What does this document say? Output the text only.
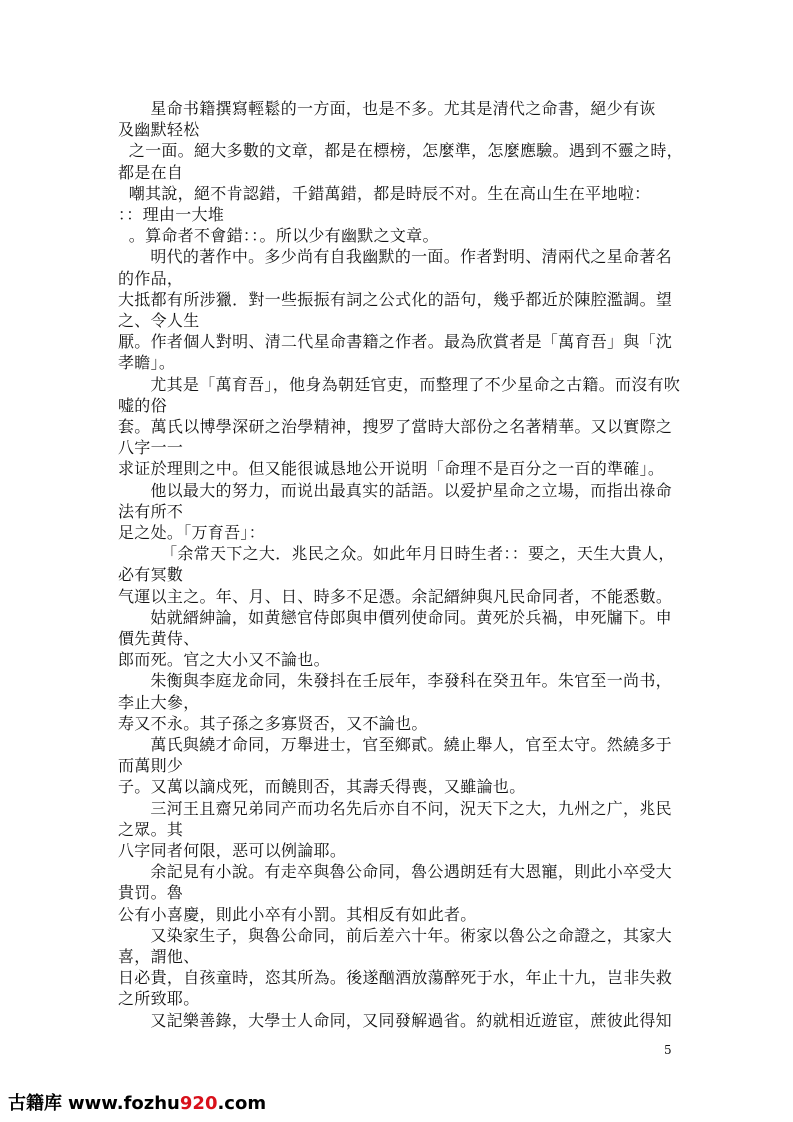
星命书籍撰寫輕鬆的一方面，也是不多。尤其是清代之命書，絕少有诙
及幽默轻松
之一面。絕大多數的文章，都是在標榜，怎麼準，怎麼應驗。遇到不靈之時，
都是在自
嘲其說，絕不肯認錯，千錯萬錯，都是時辰不对。生在高山生在平地啦：
：：理由一大堆
。算命者不會錯：：。所以少有幽默之文章。
明代的著作中。多少尚有自我幽默的一面。作者對明、清兩代之星命著名
的作品，
大抵都有所涉獵．對一些振振有詞之公式化的語句，幾乎都近於陳腔濫調。望
之、令人生
厭。作者個人對明、清二代星命書籍之作者。最為欣賞者是「萬育吾」與「沈
孝瞻」。
尤其是「萬育吾」，他身為朝廷官吏，而整理了不少星命之古籍。而沒有吹
嘘的俗
套。萬氏以博學深研之治學精神，搜罗了當時大部份之名著精華。又以實際之
八字一一
求证於理則之中。但又能很诚恳地公开说明「命理不是百分之一百的準確」。
他以最大的努力，而说出最真实的話語。以爱护星命之立場，而指出祿命
法有所不
足之处。「万育吾」：
「余常天下之大．兆民之众。如此年月日時生者：：要之，天生大貴人，
必有冥數
气運以主之。年、月、日、時多不足憑。余記縉紳與凡民命同者，不能悉數。
姑就縉紳論，如黄戀官侍郎與申價列使命同。黄死於兵禍，申死牖下。申
價先黄侍、
郎而死。官之大小又不論也。
朱衡與李庭龙命同，朱發抖在壬辰年，李發科在癸丑年。朱官至一尚书，
李止大參，
寿又不永。其子孫之多寡贤否，又不論也。
萬氏與繞才命同，万舉进士，官至鄉貳。繞止舉人，官至太守。然繞多于
而萬則少
子。又萬以謫戍死，而饒則否，其壽夭得喪，又雖論也。
三河王且齋兄弟同产而功名先后亦自不问，況天下之大，九州之广，兆民
之眾。其
八字同者何限，恶可以例論耶。
余記見有小說。有走卒與魯公命同，魯公遇朗廷有大恩寵，則此小卒受大
貴罚。魯
公有小喜慶，則此小卒有小罰。其相反有如此者。
又染家生子，與魯公命同，前后差六十年。術家以魯公之命證之，其家大
喜，謂他、
日必貴，自孩童時，恣其所為。後遂酗酒放蕩醉死于水，年止十九，岂非失救
之所致耶。
又記樂善錄，大學士人命同，又同發解過省。約就相近遊宦，蔗彼此得知
5
古籍库 www.fozhu920.com
